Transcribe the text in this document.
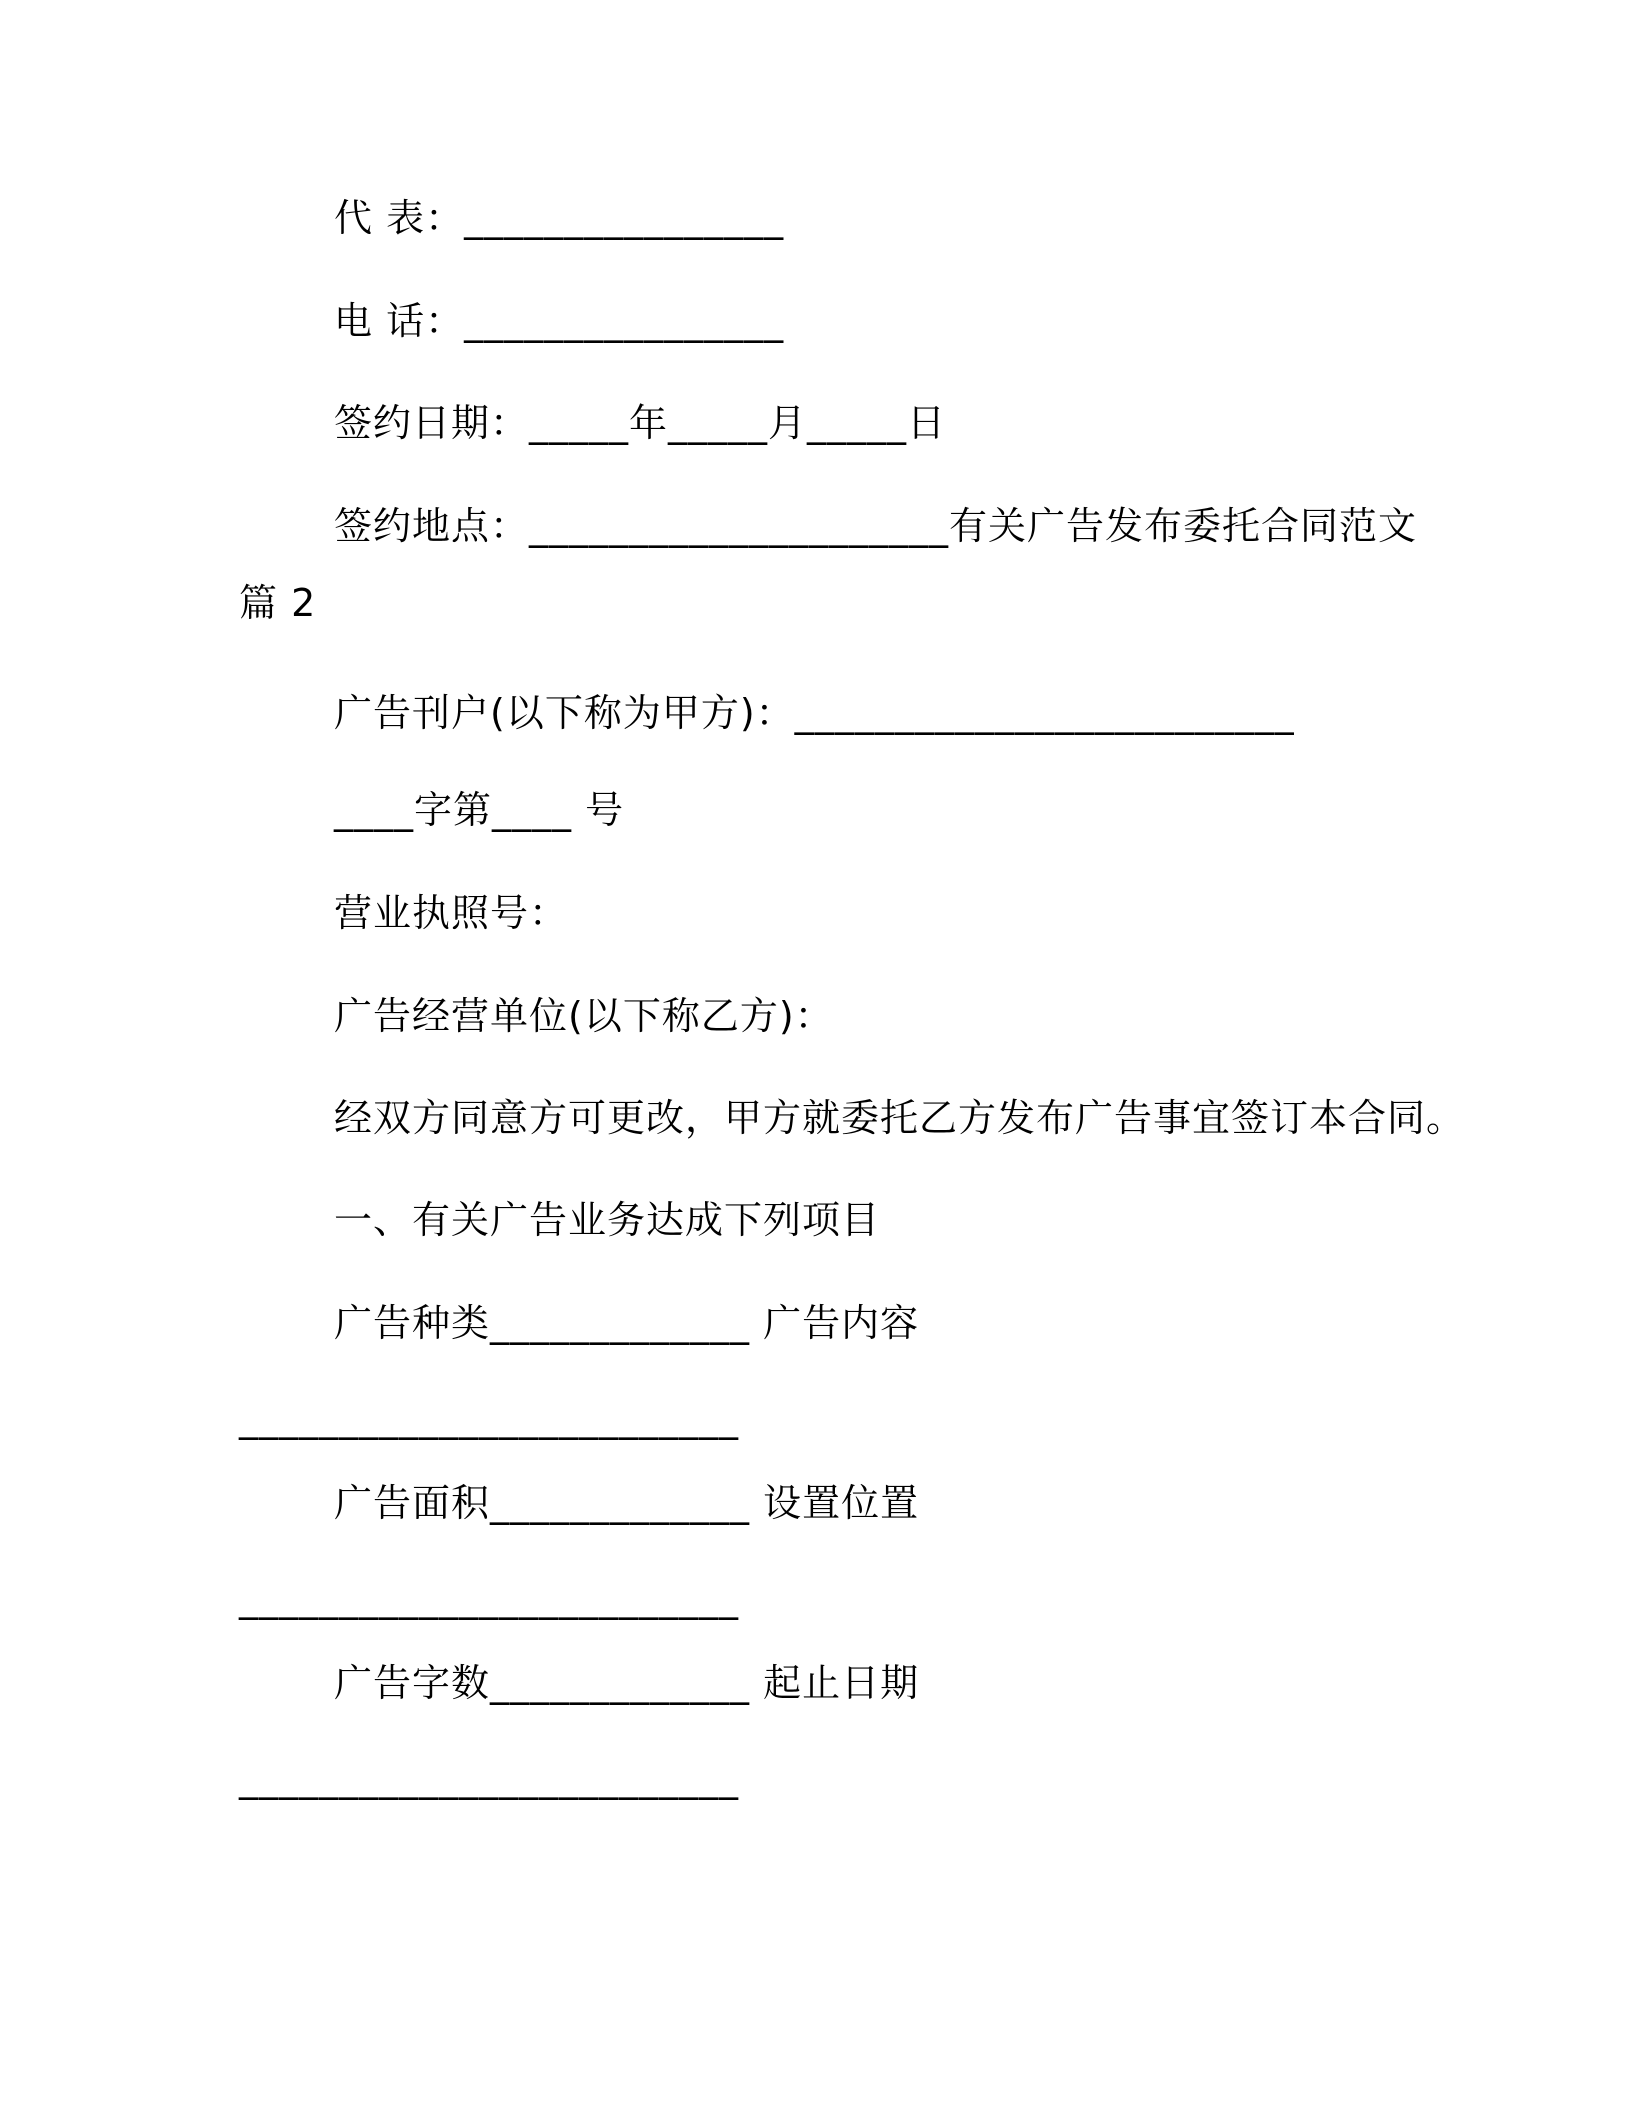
代 表：________________
电 话：________________
签约日期：_____年_____月_____日
签约地点：_____________________有关广告发布委托合同范文
篇 2
广告刊户(以下称为甲方)：_________________________
____字第____ 号
营业执照号：
广告经营单位(以下称乙方)：
经双方同意方可更改，甲方就委托乙方发布广告事宜签订本合同。
一、有关广告业务达成下列项目
广告种类_____________ 广告内容
_________________________
广告面积_____________ 设置位置
_________________________
广告字数_____________ 起止日期
_________________________
